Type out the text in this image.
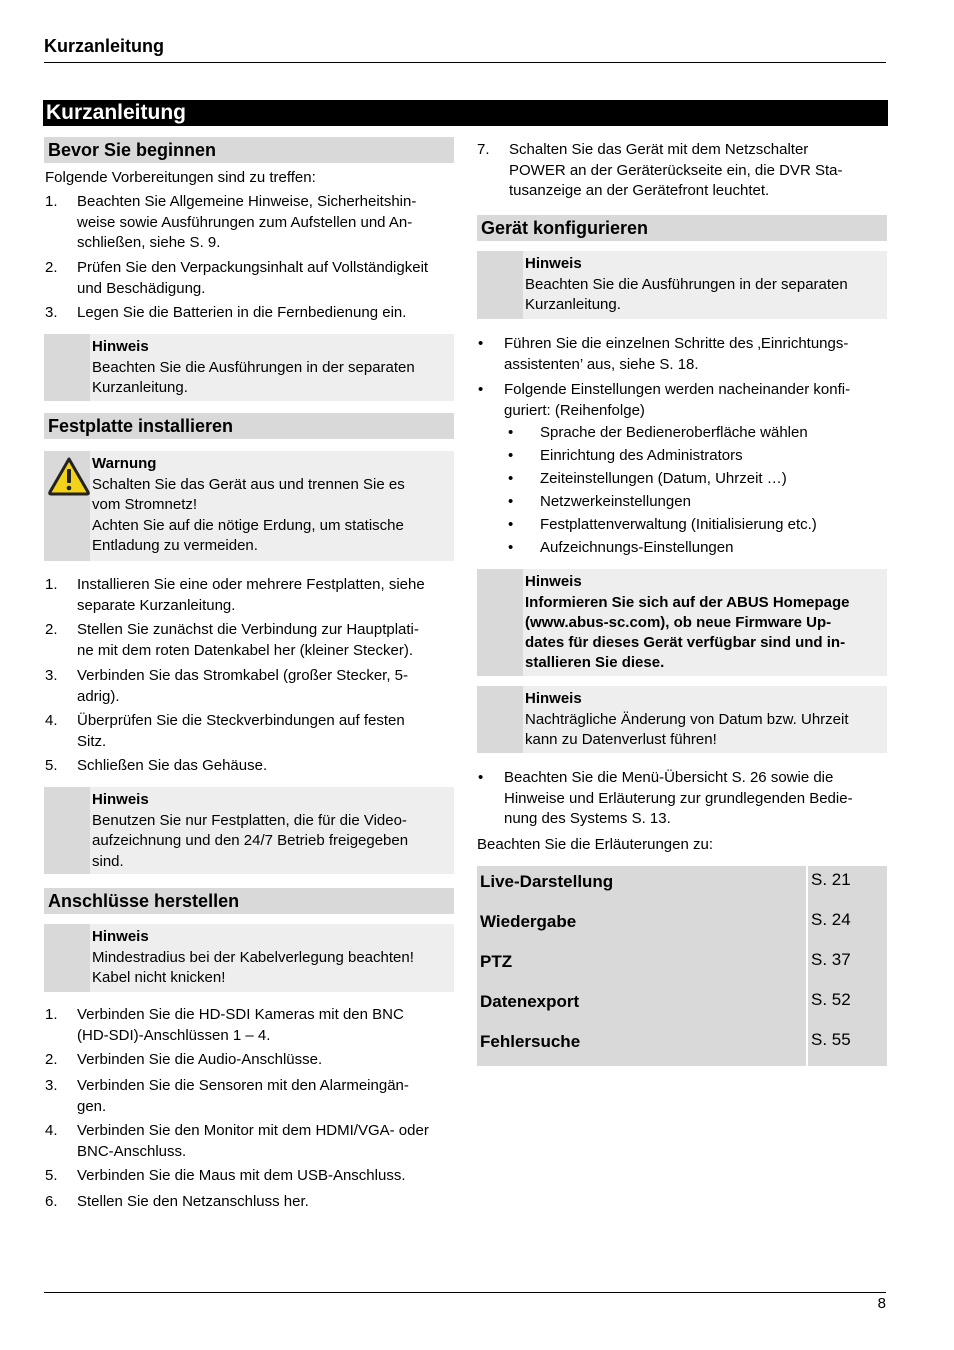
Kurzanleitung
Kurzanleitung
Bevor Sie beginnen
Folgende Vorbereitungen sind zu treffen:
1. Beachten Sie Allgemeine Hinweise, Sicherheitshin-
weise sowie Ausführungen zum Aufstellen und An-
schließen, siehe S. 9.
2. Prüfen Sie den Verpackungsinhalt auf Vollständigkeit
und Beschädigung.
3. Legen Sie die Batterien in die Fernbedienung ein.
Hinweis
Beachten Sie die Ausführungen in der separaten
Kurzanleitung.
Festplatte installieren
Warnung
Schalten Sie das Gerät aus und trennen Sie es
vom Stromnetz!
Achten Sie auf die nötige Erdung, um statische
Entladung zu vermeiden.
1. Installieren Sie eine oder mehrere Festplatten, siehe
separate Kurzanleitung.
2. Stellen Sie zunächst die Verbindung zur Hauptplati-
ne mit dem roten Datenkabel her (kleiner Stecker).
3. Verbinden Sie das Stromkabel (großer Stecker, 5-
adrig).
4. Überprüfen Sie die Steckverbindungen auf festen
Sitz.
5. Schließen Sie das Gehäuse.
Hinweis
Benutzen Sie nur Festplatten, die für die Video-
aufzeichnung und den 24/7 Betrieb freigegeben
sind.
Anschlüsse herstellen
Hinweis
Mindestradius bei der Kabelverlegung beachten!
Kabel nicht knicken!
1. Verbinden Sie die HD-SDI Kameras mit den BNC
(HD-SDI)-Anschlüssen 1 – 4.
2. Verbinden Sie die Audio-Anschlüsse.
3. Verbinden Sie die Sensoren mit den Alarmeingän-
gen.
4. Verbinden Sie den Monitor mit dem HDMI/VGA- oder
BNC-Anschluss.
5. Verbinden Sie die Maus mit dem USB-Anschluss.
6. Stellen Sie den Netzanschluss her.
7. Schalten Sie das Gerät mit dem Netzschalter
POWER an der Geräterückseite ein, die DVR Sta-
tusanzeige an der Gerätefront leuchtet.
Gerät konfigurieren
Hinweis
Beachten Sie die Ausführungen in der separaten
Kurzanleitung.
• Führen Sie die einzelnen Schritte des ‚Einrichtungs-
assistenten’ aus, siehe S. 18.
• Folgende Einstellungen werden nacheinander konfi-
guriert: (Reihenfolge)
• Sprache der Bedieneroberfläche wählen
• Einrichtung des Administrators
• Zeiteinstellungen (Datum, Uhrzeit …)
• Netzwerkeinstellungen
• Festplattenverwaltung (Initialisierung etc.)
• Aufzeichnungs-Einstellungen
Hinweis
Informieren Sie sich auf der ABUS Homepage
(www.abus-sc.com), ob neue Firmware Up-
dates für dieses Gerät verfügbar sind und in-
stallieren Sie diese.
Hinweis
Nachträgliche Änderung von Datum bzw. Uhrzeit
kann zu Datenverlust führen!
• Beachten Sie die Menü-Übersicht S. 26 sowie die
Hinweise und Erläuterung zur grundlegenden Bedie-
nung des Systems S. 13.
Beachten Sie die Erläuterungen zu:
Live-Darstellung	S. 21
Wiedergabe	S. 24
PTZ	S. 37
Datenexport	S. 52
Fehlersuche	S. 55
8
